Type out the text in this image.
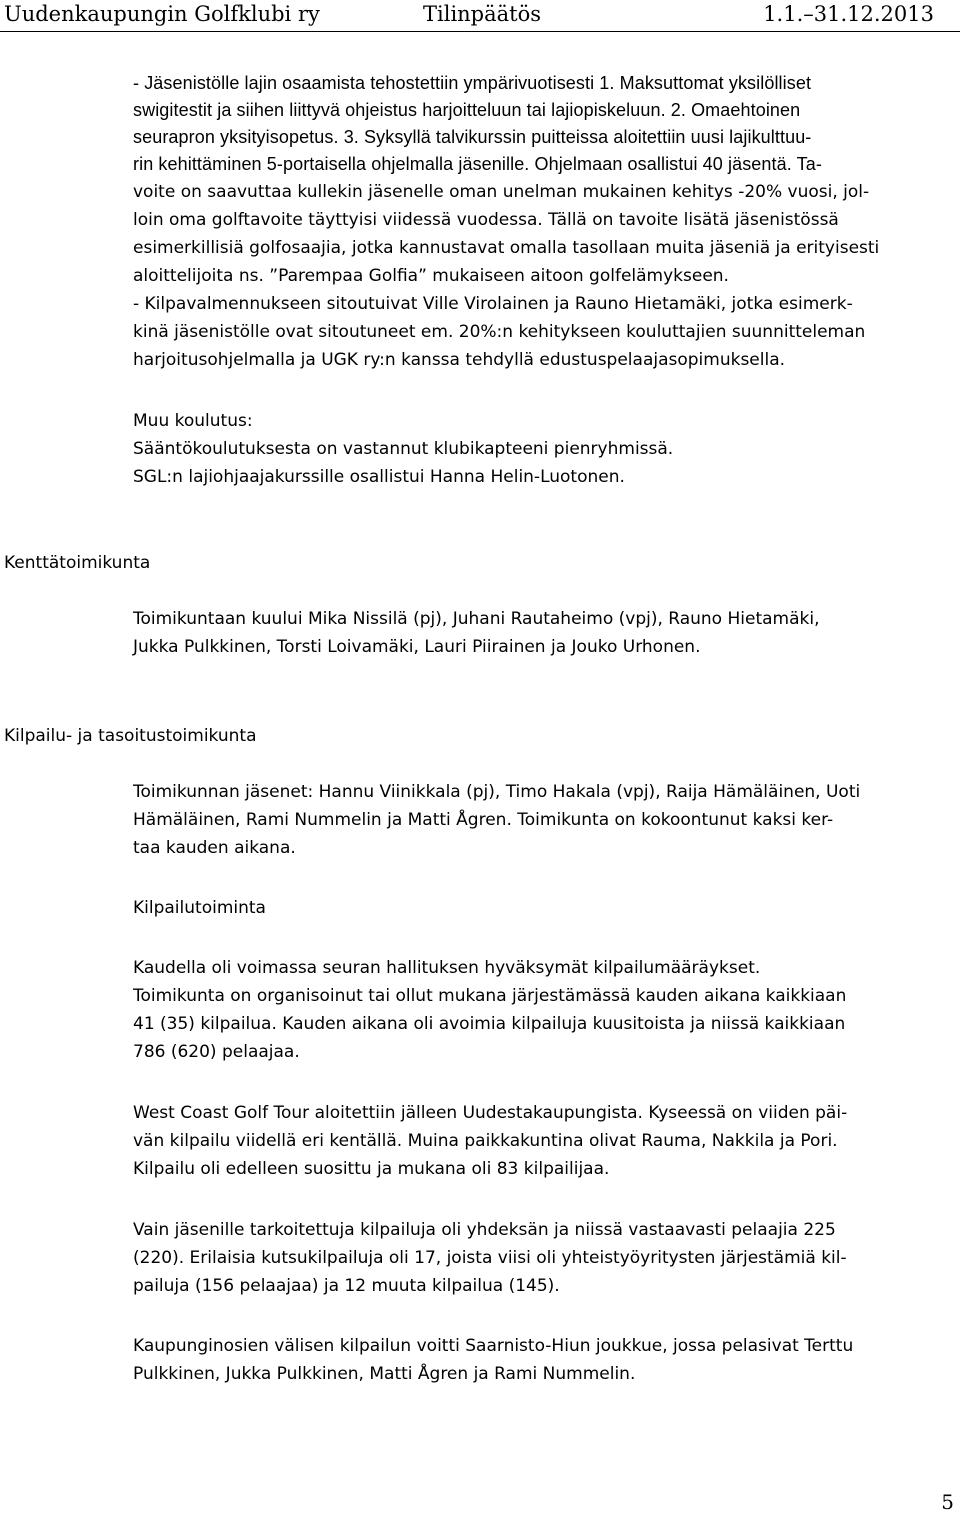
Uudenkaupungin Golfklubi ry	Tilinpäätös	1.1.–31.12.2013
- Jäsenistölle lajin osaamista tehostettiin ympärivuotisesti 1. Maksuttomat yksilölliset
swigitestit ja siihen liittyvä ohjeistus harjoitteluun tai lajiopiskeluun. 2. Omaehtoinen
seurapron yksityisopetus. 3. Syksyllä talvikurssin puitteissa aloitettiin uusi lajikulttuu-
rin kehittäminen 5-portaisella ohjelmalla jäsenille. Ohjelmaan osallistui 40 jäsentä. Ta-
voite on saavuttaa kullekin jäsenelle oman unelman mukainen kehitys -20% vuosi, jol-
loin oma golftavoite täyttyisi viidessä vuodessa. Tällä on tavoite lisätä jäsenistössä
esimerkillisiä golfosaajia, jotka kannustavat omalla tasollaan muita jäseniä ja erityisesti
aloittelijoita ns. ”Parempaa Golfia” mukaiseen aitoon golfelämykseen.
- Kilpavalmennukseen sitoutuivat Ville Virolainen ja Rauno Hietamäki, jotka esimerk-
kinä jäsenistölle ovat sitoutuneet em. 20%:n kehitykseen kouluttajien suunnitteleman
harjoitusohjelmalla ja UGK ry:n kanssa tehdyllä edustuspelaajasopimuksella.
Muu koulutus:
Sääntökoulutuksesta on vastannut klubikapteeni pienryhmissä.
SGL:n lajiohjaajakurssille osallistui Hanna Helin-Luotonen.
Kenttätoimikunta
Toimikuntaan kuului Mika Nissilä (pj), Juhani Rautaheimo (vpj), Rauno Hietamäki,
Jukka Pulkkinen, Torsti Loivamäki, Lauri Piirainen ja Jouko Urhonen.
Kilpailu- ja tasoitustoimikunta
Toimikunnan jäsenet: Hannu Viinikkala (pj), Timo Hakala (vpj), Raija Hämäläinen, Uoti
Hämäläinen, Rami Nummelin ja Matti Ågren. Toimikunta on kokoontunut kaksi ker-
taa kauden aikana.
Kilpailutoiminta
Kaudella oli voimassa seuran hallituksen hyväksymät kilpailumääräykset.
Toimikunta on organisoinut tai ollut mukana järjestämässä kauden aikana kaikkiaan
41 (35) kilpailua. Kauden aikana oli avoimia kilpailuja kuusitoista ja niissä kaikkiaan
786 (620) pelaajaa.
West Coast Golf Tour aloitettiin jälleen Uudestakaupungista. Kyseessä on viiden päi-
vän kilpailu viidellä eri kentällä. Muina paikkakuntina olivat Rauma, Nakkila ja Pori.
Kilpailu oli edelleen suosittu ja mukana oli 83 kilpailijaa.
Vain jäsenille tarkoitettuja kilpailuja oli yhdeksän ja niissä vastaavasti pelaajia 225
(220). Erilaisia kutsukilpailuja oli 17, joista viisi oli yhteistyöyritysten järjestämiä kil-
pailuja (156 pelaajaa) ja 12 muuta kilpailua (145).
Kaupunginosien välisen kilpailun voitti Saarnisto-Hiun joukkue, jossa pelasivat Terttu
Pulkkinen, Jukka Pulkkinen, Matti Ågren ja Rami Nummelin.
5
